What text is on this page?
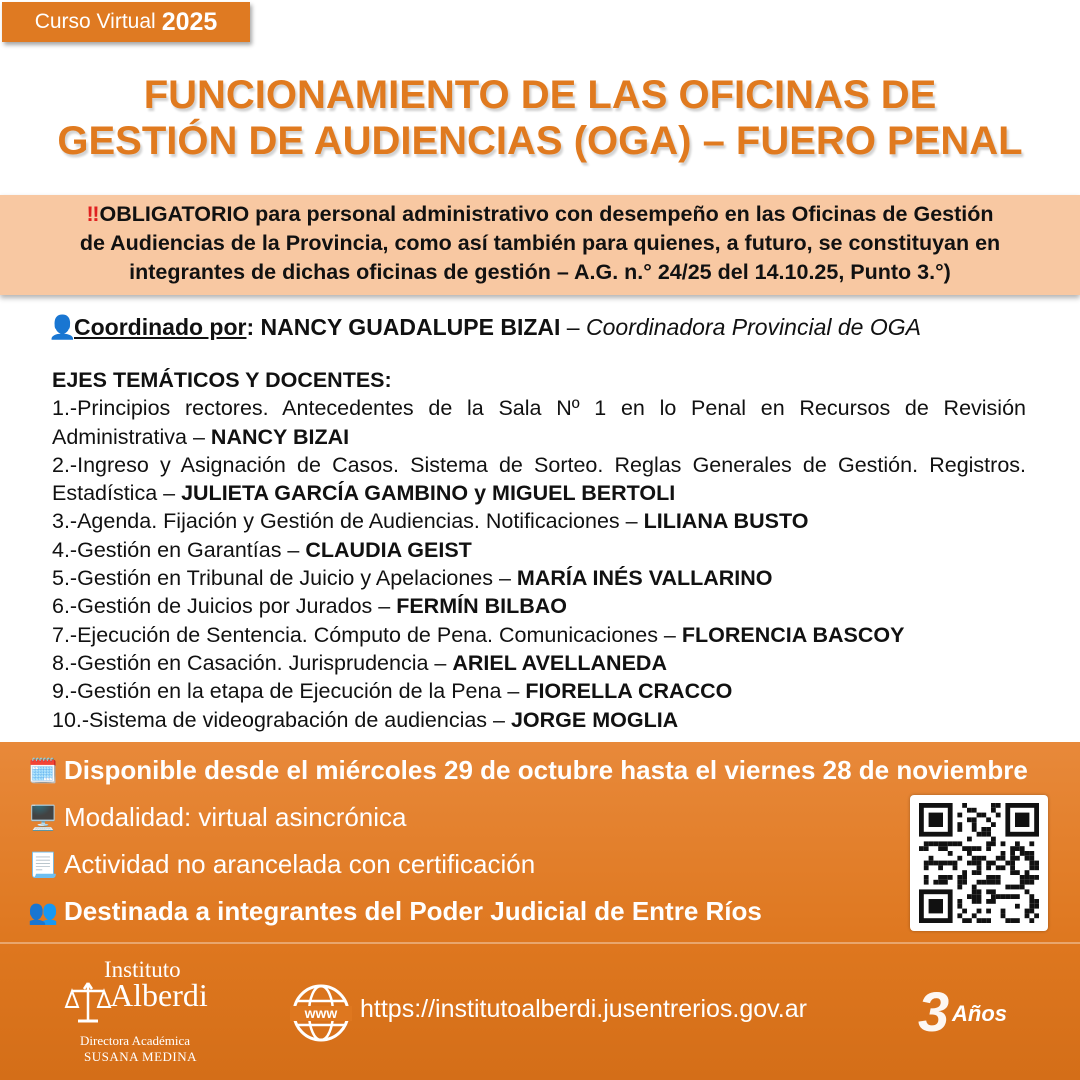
Curso Virtual 2025
FUNCIONAMIENTO DE LAS OFICINAS DE
GESTIÓN DE AUDIENCIAS (OGA) – FUERO PENAL
‼OBLIGATORIO para personal administrativo con desempeño en las Oficinas de Gestión
de Audiencias de la Provincia, como así también para quienes, a futuro, se constituyan en
integrantes de dichas oficinas de gestión – A.G. n.° 24/25 del 14.10.25, Punto 3.°)
👤Coordinado por: NANCY GUADALUPE BIZAI – Coordinadora Provincial de OGA
EJES TEMÁTICOS Y DOCENTES:
1.-Principios rectores. Antecedentes de la Sala Nº 1 en lo Penal en Recursos de Revisión Administrativa – NANCY BIZAI
2.-Ingreso y Asignación de Casos. Sistema de Sorteo. Reglas Generales de Gestión. Registros. Estadística – JULIETA GARCÍA GAMBINO y MIGUEL BERTOLI
3.-Agenda. Fijación y Gestión de Audiencias. Notificaciones – LILIANA BUSTO
4.-Gestión en Garantías – CLAUDIA GEIST
5.-Gestión en Tribunal de Juicio y Apelaciones – MARÍA INÉS VALLARINO
6.-Gestión de Juicios por Jurados – FERMÍN BILBAO
7.-Ejecución de Sentencia. Cómputo de Pena. Comunicaciones – FLORENCIA BASCOY
8.-Gestión en Casación. Jurisprudencia – ARIEL AVELLANEDA
9.-Gestión en la etapa de Ejecución de la Pena – FIORELLA CRACCO
10.-Sistema de videograbación de audiencias – JORGE MOGLIA
🗓️ Disponible desde el miércoles 29 de octubre hasta el viernes 28 de noviembre
🖥️ Modalidad: virtual asincrónica
📃 Actividad no arancelada con certificación
👥 Destinada a integrantes del Poder Judicial de Entre Ríos
Instituto
Alberdi
Directora Académica
SUSANA MEDINA
www https://institutoalberdi.jusentrerios.gov.ar 3 Años
